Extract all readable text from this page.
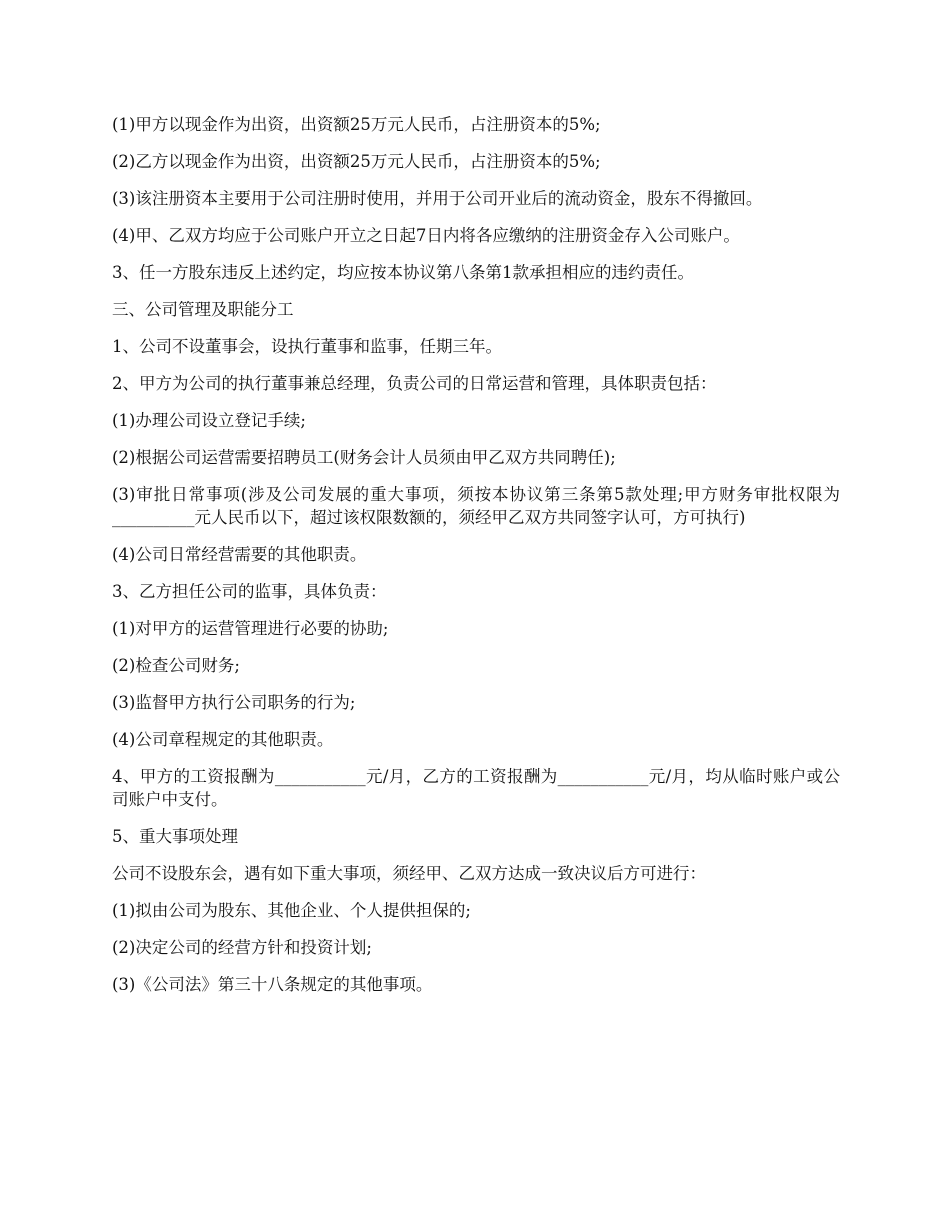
(1)甲方以现金作为出资，出资额25万元人民币，占注册资本的5%;

(2)乙方以现金作为出资，出资额25万元人民币，占注册资本的5%;

(3)该注册资本主要用于公司注册时使用，并用于公司开业后的流动资金，股东不得撤回。

(4)甲、乙双方均应于公司账户开立之日起7日内将各应缴纳的注册资金存入公司账户。

3、任一方股东违反上述约定，均应按本协议第八条第1款承担相应的违约责任。

三、公司管理及职能分工

1、公司不设董事会，设执行董事和监事，任期三年。

2、甲方为公司的执行董事兼总经理，负责公司的日常运营和管理，具体职责包括：

(1)办理公司设立登记手续;

(2)根据公司运营需要招聘员工(财务会计人员须由甲乙双方共同聘任);

(3)审批日常事项(涉及公司发展的重大事项，须按本协议第三条第5款处理;甲方财务审批权限为__________元人民币以下，超过该权限数额的，须经甲乙双方共同签字认可，方可执行)

(4)公司日常经营需要的其他职责。

3、乙方担任公司的监事，具体负责：

(1)对甲方的运营管理进行必要的协助;

(2)检查公司财务;

(3)监督甲方执行公司职务的行为;

(4)公司章程规定的其他职责。

4、甲方的工资报酬为___________元/月，乙方的工资报酬为___________元/月，均从临时账户或公司账户中支付。

5、重大事项处理

公司不设股东会，遇有如下重大事项，须经甲、乙双方达成一致决议后方可进行：

(1)拟由公司为股东、其他企业、个人提供担保的;

(2)决定公司的经营方针和投资计划;

(3)《公司法》第三十八条规定的其他事项。
